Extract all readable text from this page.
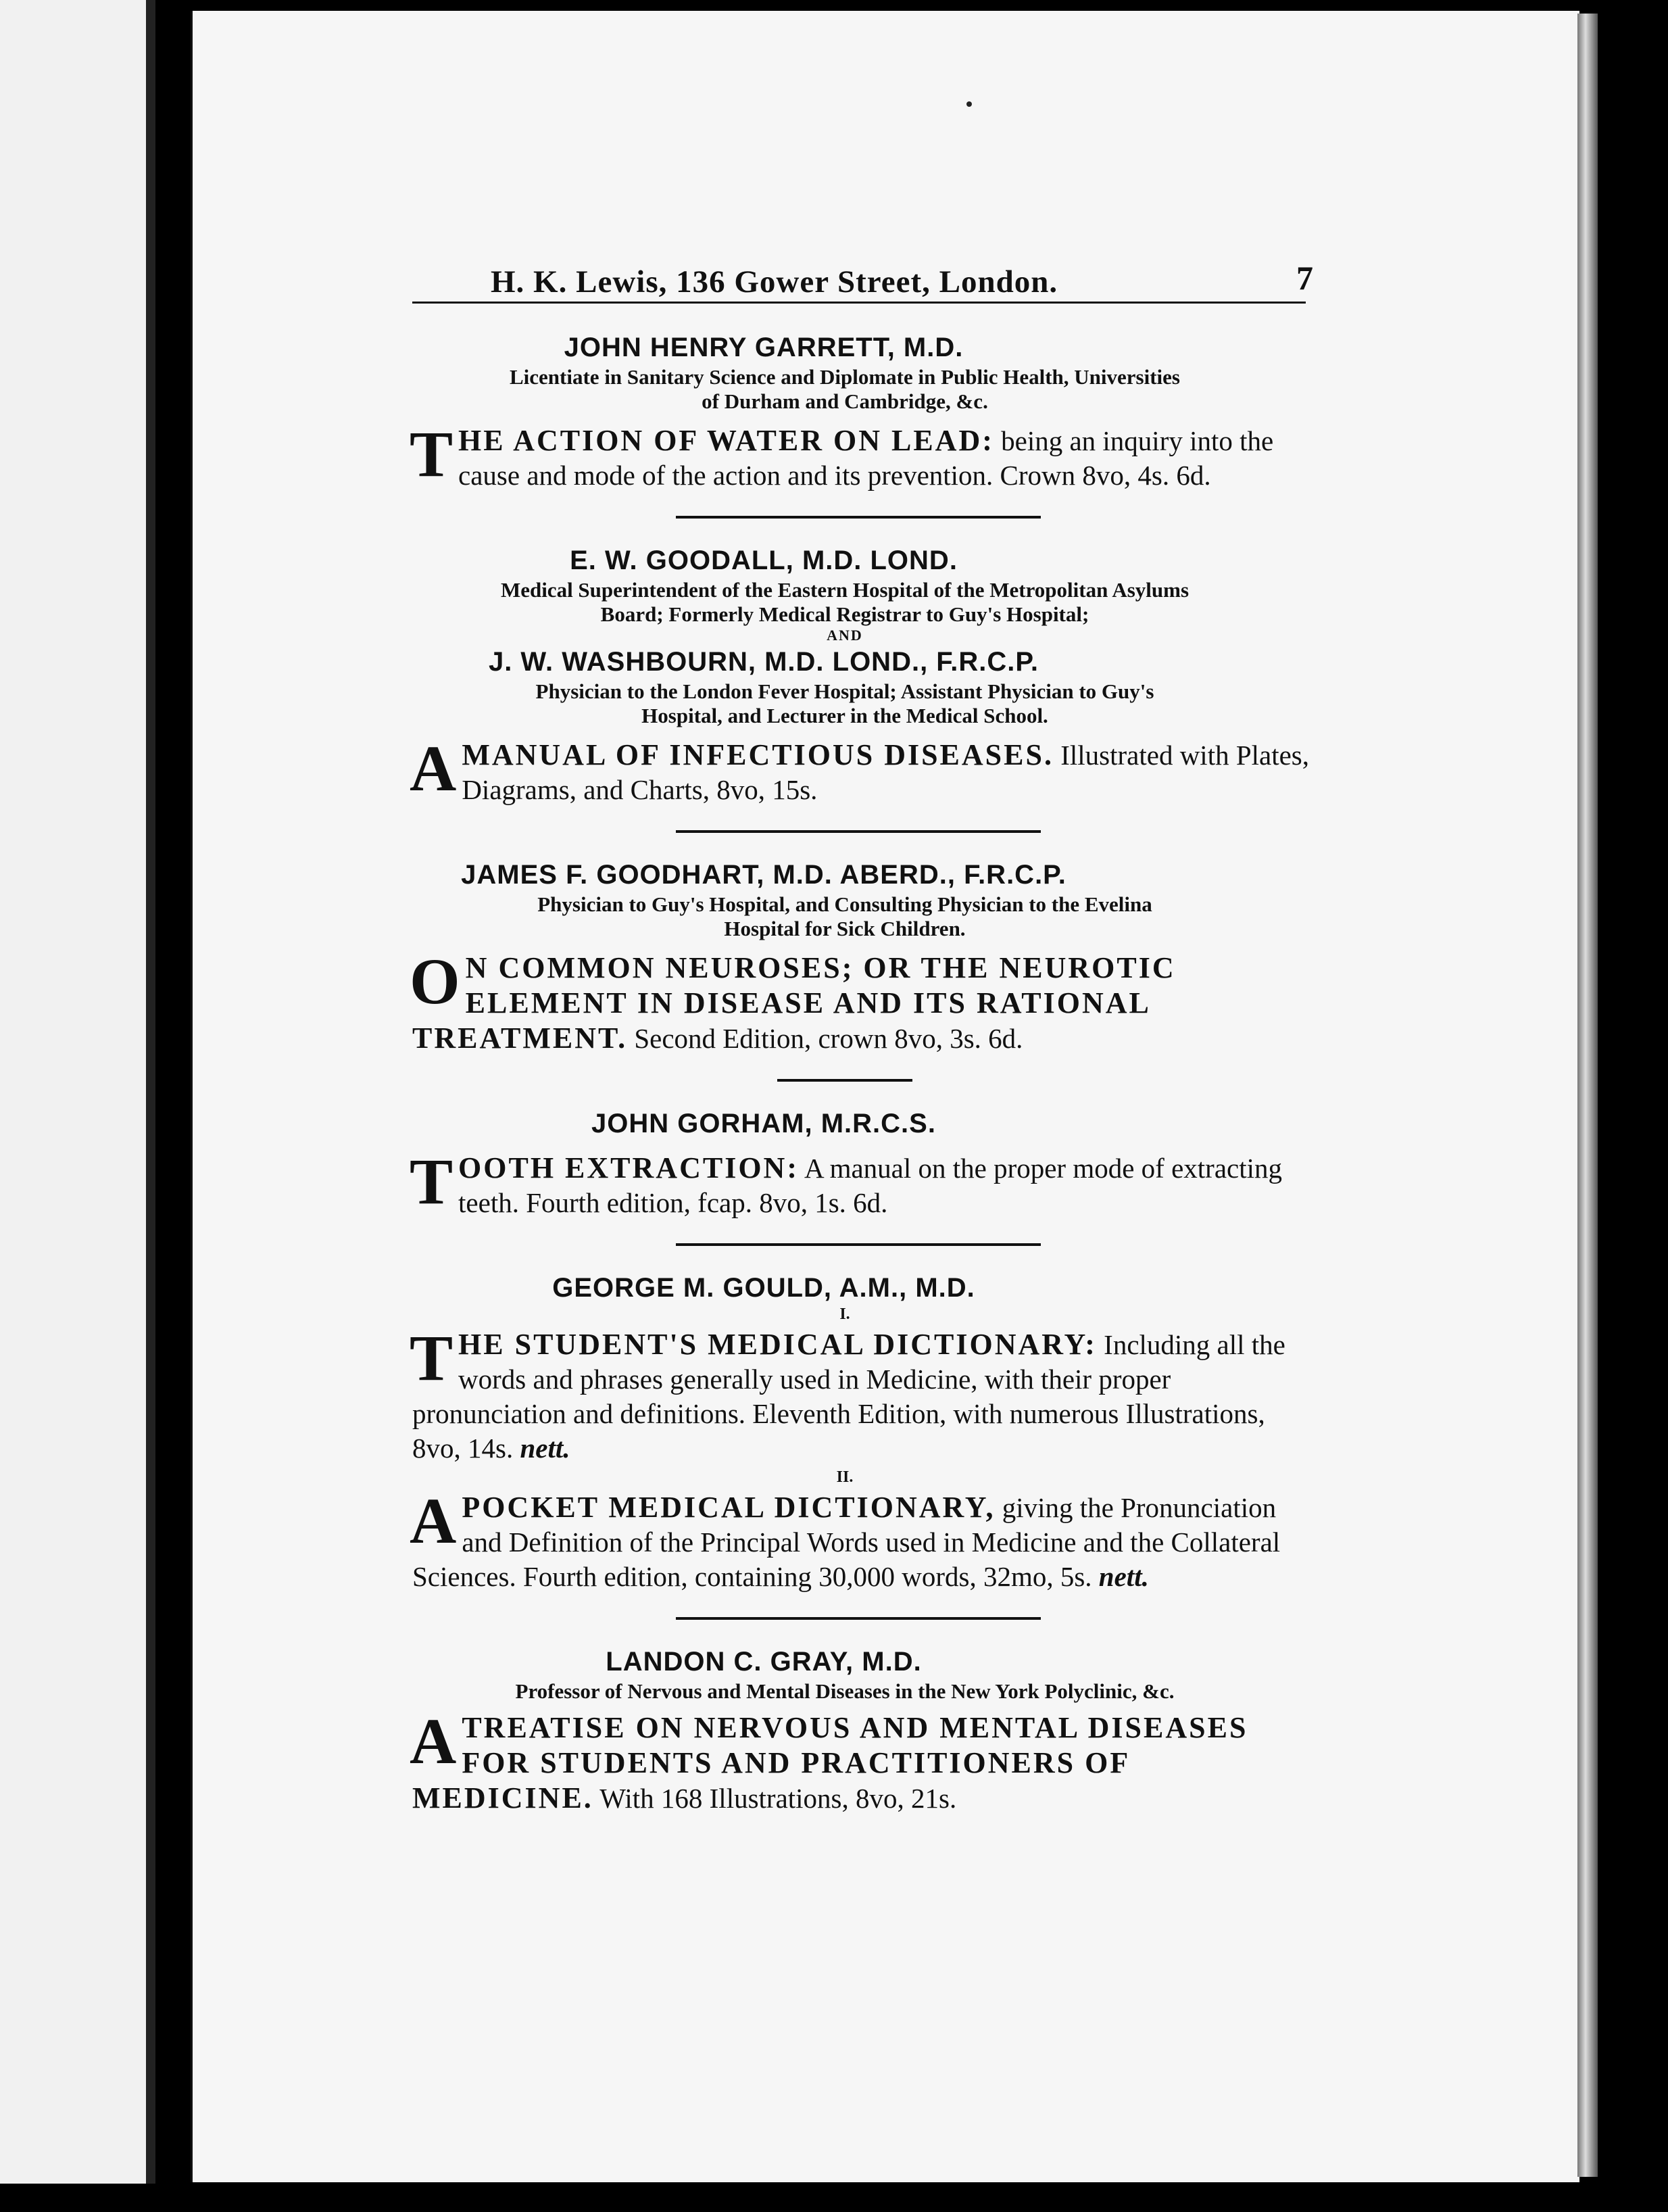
H. K. Lewis, 136 Gower Street, London.	7
JOHN HENRY GARRETT, M.D.
Licentiate in Sanitary Science and Diplomate in Public Health, Universities
of Durham and Cambridge, &c.
THE ACTION OF WATER ON LEAD: being an inquiry into the cause and mode of the action and its prevention. Crown 8vo, 4s. 6d.
E. W. GOODALL, M.D. LOND.
Medical Superintendent of the Eastern Hospital of the Metropolitan Asylums
Board; Formerly Medical Registrar to Guy's Hospital;
AND
J. W. WASHBOURN, M.D. LOND., F.R.C.P.
Physician to the London Fever Hospital; Assistant Physician to Guy's
Hospital, and Lecturer in the Medical School.
AMANUAL OF INFECTIOUS DISEASES. Illustrated with Plates, Diagrams, and Charts, 8vo, 15s.
JAMES F. GOODHART, M.D. ABERD., F.R.C.P.
Physician to Guy's Hospital, and Consulting Physician to the Evelina
Hospital for Sick Children.
O N COMMON NEUROSES; OR THE NEUROTIC ELEMENT IN DISEASE AND ITS RATIONAL TREATMENT. Second Edition, crown 8vo, 3s. 6d.
JOHN GORHAM, M.R.C.S.
TOOTH EXTRACTION: A manual on the proper mode of extracting teeth. Fourth edition, fcap. 8vo, 1s. 6d.
GEORGE M. GOULD, A.M., M.D.
I.
THE STUDENT'S MEDICAL DICTIONARY: Including all the words and phrases generally used in Medicine, with their proper pronunciation and definitions. Eleventh Edition, with numerous Illustrations, 8vo, 14s. nett.
II.
APOCKET MEDICAL DICTIONARY, giving the Pronunciation and Definition of the Principal Words used in Medicine and the Collateral Sciences. Fourth edition, containing 30,000 words, 32mo, 5s. nett.
LANDON C. GRAY, M.D.
Professor of Nervous and Mental Diseases in the New York Polyclinic, &c.
ATREATISE ON NERVOUS AND MENTAL DISEASES FOR STUDENTS AND PRACTITIONERS OF MEDICINE. With 168 Illustrations, 8vo, 21s.
